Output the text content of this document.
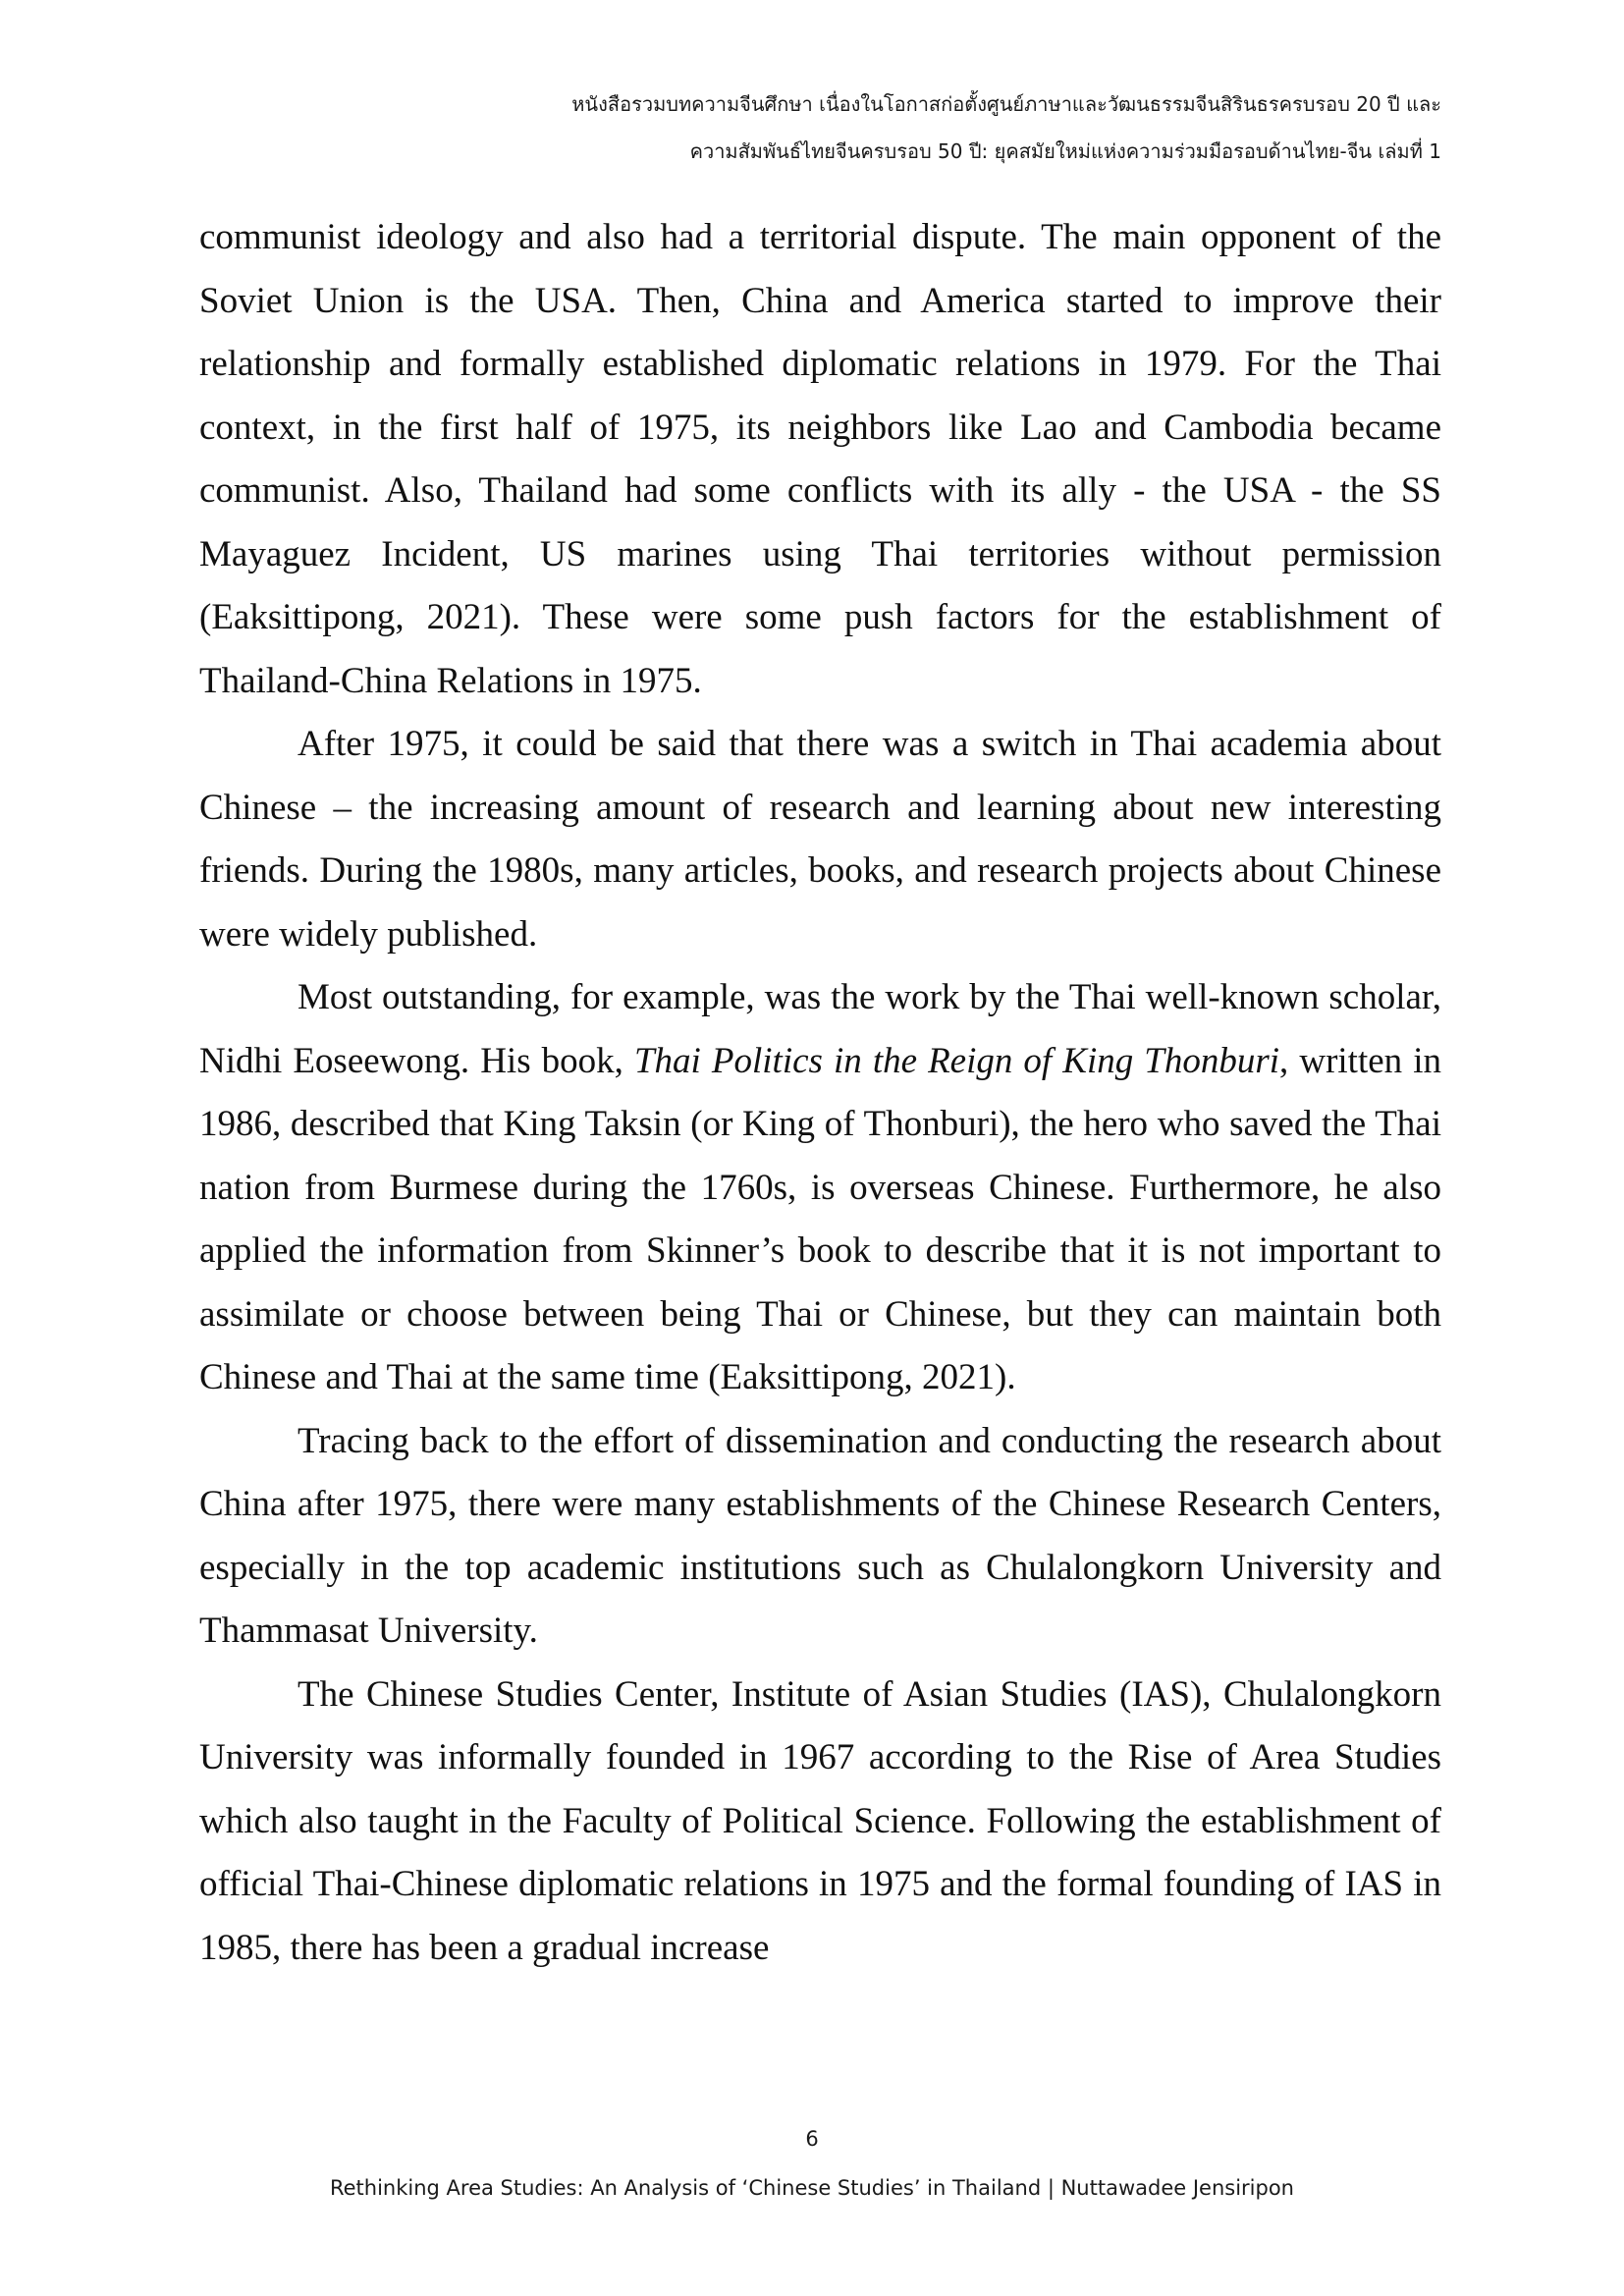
หนังสือรวมบทความจีนศึกษา เนื่องในโอกาสก่อตั้งศูนย์ภาษาและวัฒนธรรมจีนสิรินธรครบรอบ 20 ปี และ
ความสัมพันธ์ไทยจีนครบรอบ 50 ปี: ยุคสมัยใหม่แห่งความร่วมมือรอบด้านไทย-จีน เล่มที่ 1

communist ideology and also had a territorial dispute. The main opponent of the Soviet Union is the USA. Then, China and America started to improve their relationship and formally established diplomatic relations in 1979. For the Thai context, in the first half of 1975, its neighbors like Lao and Cambodia became communist. Also, Thailand had some conflicts with its ally - the USA - the SS Mayaguez Incident, US marines using Thai territories without permission (Eaksittipong, 2021). These were some push factors for the establishment of Thailand-China Relations in 1975.

After 1975, it could be said that there was a switch in Thai academia about Chinese – the increasing amount of research and learning about new interesting friends. During the 1980s, many articles, books, and research projects about Chinese were widely published.

Most outstanding, for example, was the work by the Thai well-known scholar, Nidhi Eoseewong. His book, Thai Politics in the Reign of King Thonburi, written in 1986, described that King Taksin (or King of Thonburi), the hero who saved the Thai nation from Burmese during the 1760s, is overseas Chinese. Furthermore, he also applied the information from Skinner’s book to describe that it is not important to assimilate or choose between being Thai or Chinese, but they can maintain both Chinese and Thai at the same time (Eaksittipong, 2021).

Tracing back to the effort of dissemination and conducting the research about China after 1975, there were many establishments of the Chinese Research Centers, especially in the top academic institutions such as Chulalongkorn University and Thammasat University.

The Chinese Studies Center, Institute of Asian Studies (IAS), Chulalongkorn University was informally founded in 1967 according to the Rise of Area Studies which also taught in the Faculty of Political Science. Following the establishment of official Thai-Chinese diplomatic relations in 1975 and the formal founding of IAS in 1985, there has been a gradual increase

6
Rethinking Area Studies: An Analysis of ‘Chinese Studies’ in Thailand | Nuttawadee Jensiripon
